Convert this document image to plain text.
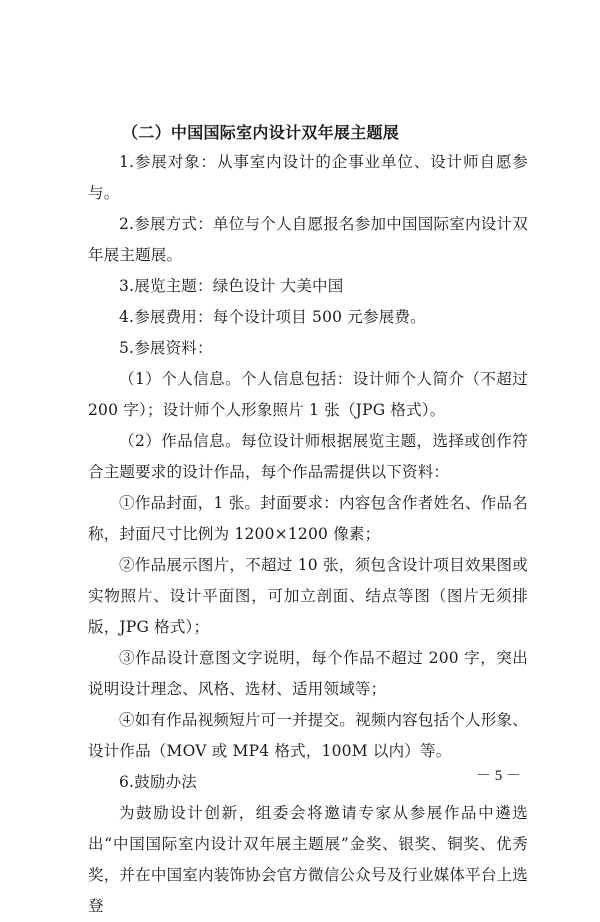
（二）中国国际室内设计双年展主题展

1.参展对象：从事室内设计的企事业单位、设计师自愿参与。

2.参展方式：单位与个人自愿报名参加中国国际室内设计双年展主题展。

3.展览主题：绿色设计 大美中国

4.参展费用：每个设计项目 500 元参展费。

5.参展资料：

（1）个人信息。个人信息包括：设计师个人简介（不超过 200 字）；设计师个人形象照片 1 张（JPG 格式）。

（2）作品信息。每位设计师根据展览主题，选择或创作符合主题要求的设计作品，每个作品需提供以下资料：

①作品封面，1 张。封面要求：内容包含作者姓名、作品名称，封面尺寸比例为 1200×1200 像素；

②作品展示图片，不超过 10 张，须包含设计项目效果图或实物照片、设计平面图，可加立剖面、结点等图（图片无须排版，JPG 格式）；

③作品设计意图文字说明，每个作品不超过 200 字，突出说明设计理念、风格、选材、适用领域等；

④如有作品视频短片可一并提交。视频内容包括个人形象、设计作品（MOV 或 MP4 格式，100M 以内）等。

6.鼓励办法

为鼓励设计创新，组委会将邀请专家从参展作品中遴选出“中国国际室内设计双年展主题展”金奖、银奖、铜奖、优秀奖，并在中国室内装饰协会官方微信公众号及行业媒体平台上选登

－ 5 －
